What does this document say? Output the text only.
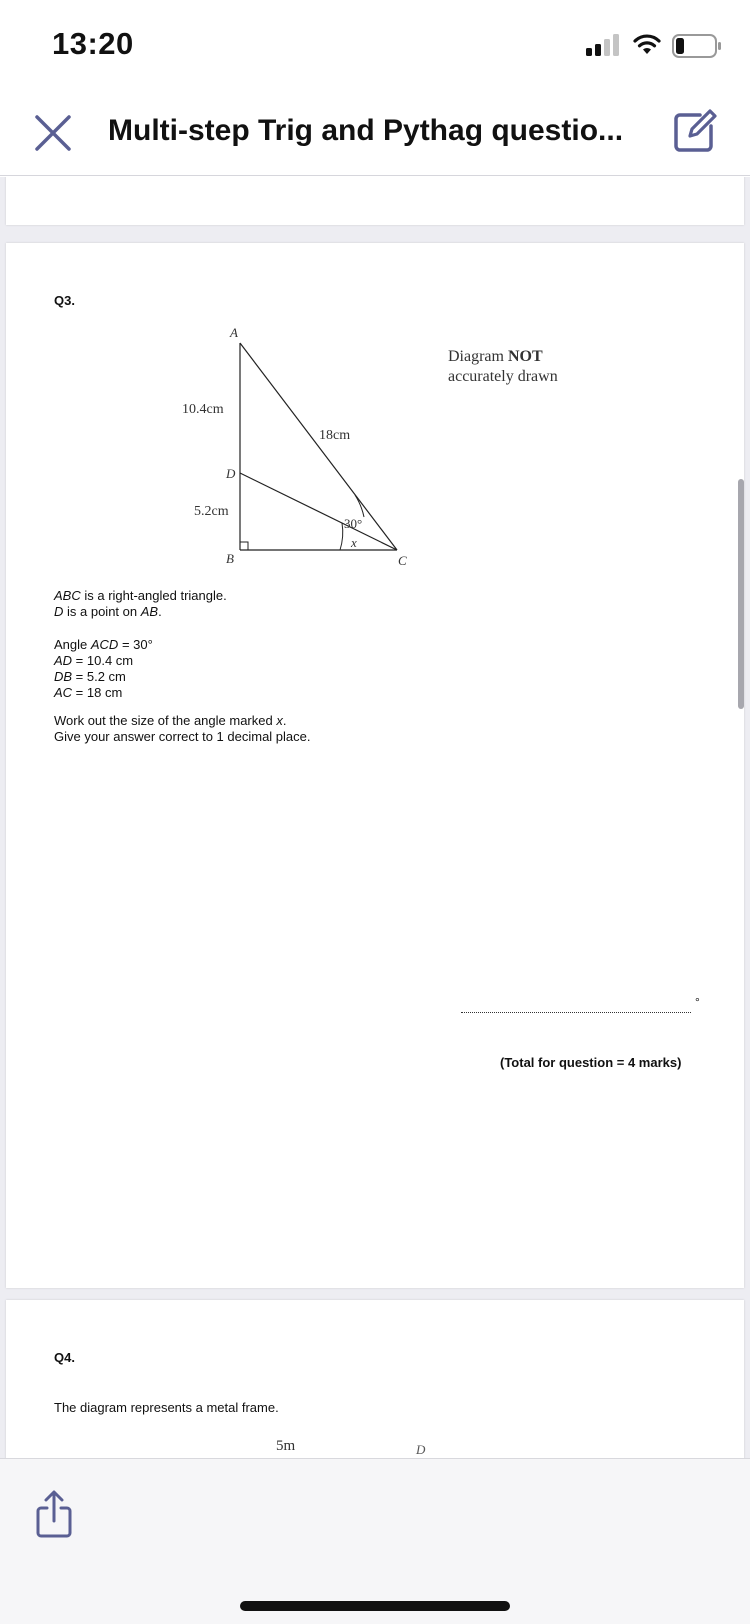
13:20
Multi-step Trig and Pythag questio...
Q3.
A
D
B	C
10.4cm
5.2cm
18cm
30°
x
Diagram NOT
accurately drawn
ABC is a right-angled triangle.
D is a point on AB.
Angle ACD = 30°
AD = 10.4 cm
DB = 5.2 cm
AC = 18 cm
Work out the size of the angle marked x.
Give your answer correct to 1 decimal place.
°
(Total for question = 4 marks)
Q4.
The diagram represents a metal frame.
5m	D
